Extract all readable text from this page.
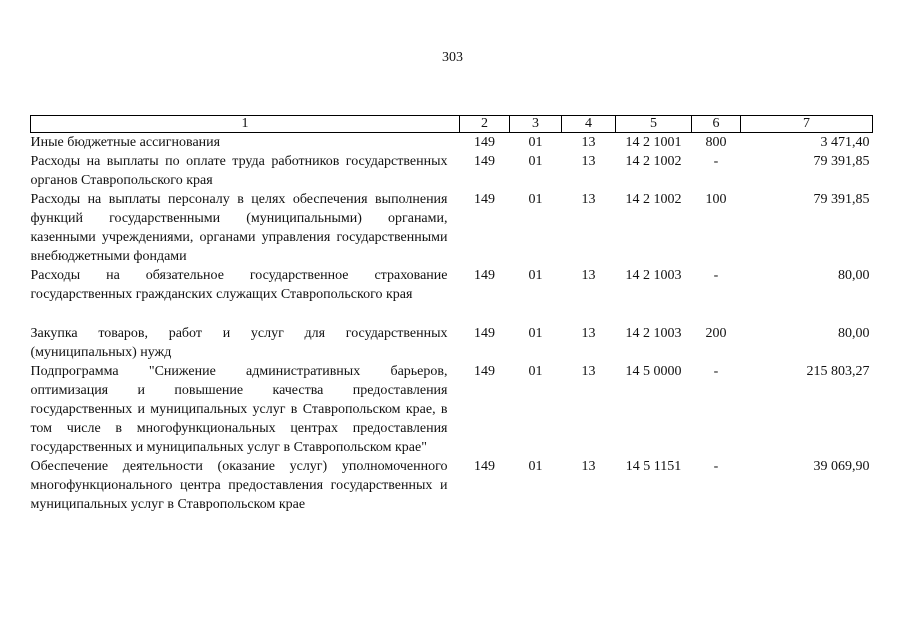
303
1	2	3	4	5	6	7
Иные бюджетные ассигнования	149	01	13	14 2 1001	800	3 471,40
Расходы на выплаты по оплате труда работников государственных органов Ставропольского края	149	01	13	14 2 1002	-	79 391,85
Расходы на выплаты персоналу в целях обеспечения выполнения функций государственными (муниципальными) органами, казенными учреждениями, органами управления государственными внебюджетными фондами	149	01	13	14 2 1002	100	79 391,85
Расходы на обязательное государственное страхование государственных гражданских служащих Ставропольского края	149	01	13	14 2 1003	-	80,00
Закупка товаров, работ и услуг для государственных (муниципальных) нужд	149	01	13	14 2 1003	200	80,00
Подпрограмма "Снижение административных барьеров, оптимизация и повышение качества предоставления государственных и муниципальных услуг в Ставропольском крае, в том числе в многофункциональных центрах предоставления государственных и муниципальных услуг в Ставропольском крае"	149	01	13	14 5 0000	-	215 803,27
Обеспечение деятельности (оказание услуг) уполномоченного многофункционального центра предоставления государственных и муниципальных услуг в Ставропольском крае	149	01	13	14 5 1151	-	39 069,90
